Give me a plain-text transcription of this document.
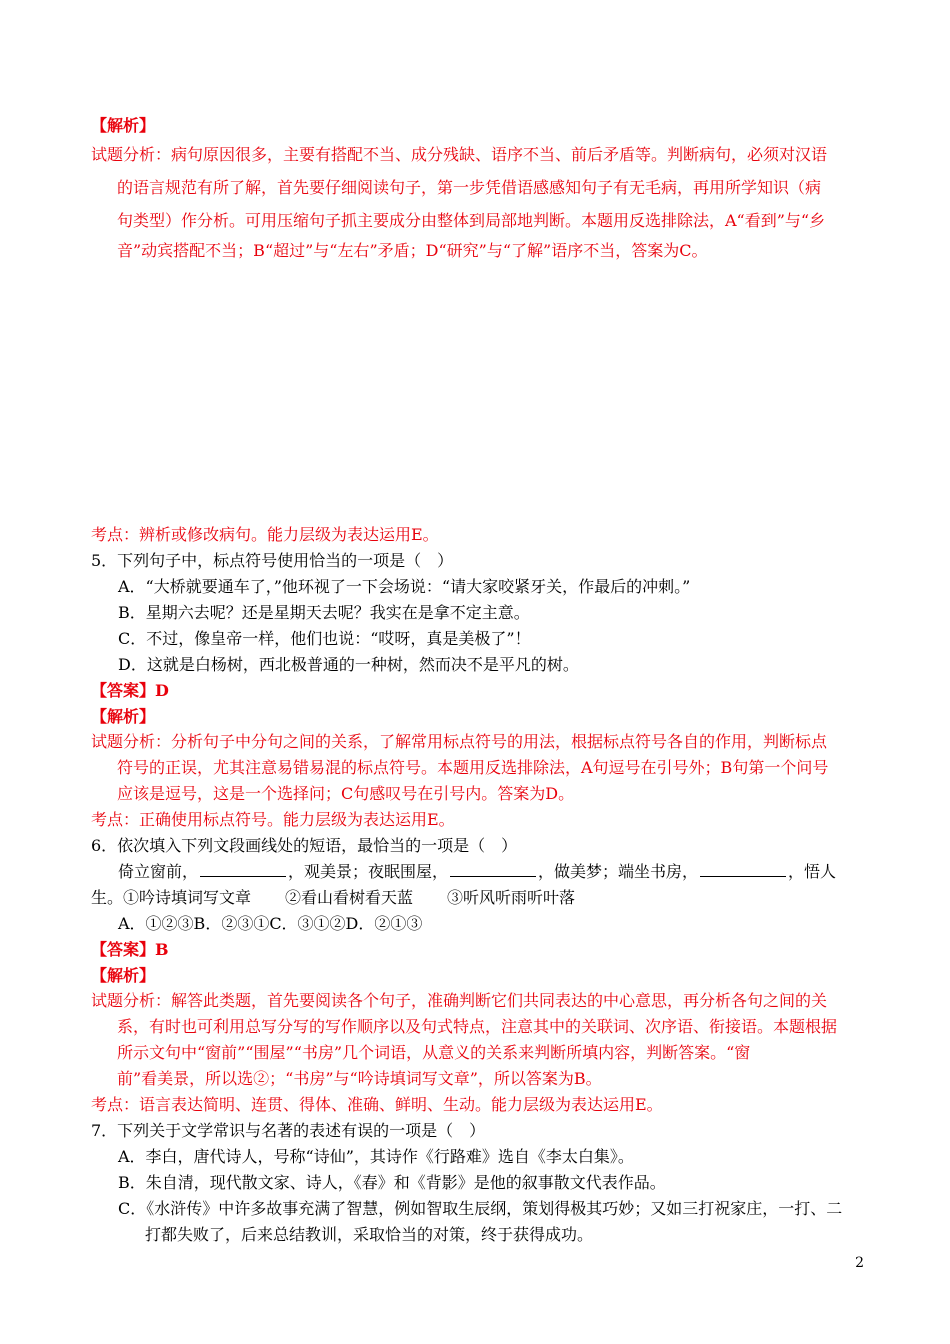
【解析】
试题分析：病句原因很多，主要有搭配不当、成分残缺、语序不当、前后矛盾等。判断病句，必须对汉语
的语言规范有所了解，首先要仔细阅读句子，第一步凭借语感感知句子有无毛病，再用所学知识（病
句类型）作分析。可用压缩句子抓主要成分由整体到局部地判断。本题用反选排除法，A“看到”与“乡
音”动宾搭配不当；B“超过”与“左右”矛盾；D“研究”与“了解”语序不当，答案为C。
考点：辨析或修改病句。能力层级为表达运用E。
5．下列句子中，标点符号使用恰当的一项是（　）
A．“大桥就要通车了，”他环视了一下会场说：“请大家咬紧牙关，作最后的冲刺。”
B．星期六去呢？还是星期天去呢？我实在是拿不定主意。
C．不过，像皇帝一样，他们也说：“哎呀，真是美极了”！
D．这就是白杨树，西北极普通的一种树，然而决不是平凡的树。
【答案】D
【解析】
试题分析：分析句子中分句之间的关系，了解常用标点符号的用法，根据标点符号各自的作用，判断标点
符号的正误，尤其注意易错易混的标点符号。本题用反选排除法，A句逗号在引号外；B句第一个问号
应该是逗号，这是一个选择问；C句感叹号在引号内。答案为D。
考点：正确使用标点符号。能力层级为表达运用E。
6．依次填入下列文段画线处的短语，最恰当的一项是（　）
倚立窗前，	，观美景；夜眠围屋，	，做美梦；端坐书房，	，悟人
生。①吟诗填词写文章 ②看山看树看天蓝 ③听风听雨听叶落
A．①②③B．②③①C．③①②D．②①③
【答案】B
【解析】
试题分析：解答此类题，首先要阅读各个句子，准确判断它们共同表达的中心意思，再分析各句之间的关
系，有时也可利用总写分写的写作顺序以及句式特点，注意其中的关联词、次序语、衔接语。本题根据
所示文句中“窗前”“围屋”“书房”几个词语，从意义的关系来判断所填内容，判断答案。“窗
前”看美景，所以选②；“书房”与“吟诗填词写文章”，所以答案为B。
考点：语言表达简明、连贯、得体、准确、鲜明、生动。能力层级为表达运用E。
7．下列关于文学常识与名著的表述有误的一项是（　）
A．李白，唐代诗人，号称“诗仙”，其诗作《行路难》选自《李太白集》。
B．朱自清，现代散文家、诗人，《春》和《背影》是他的叙事散文代表作品。
C．《水浒传》中许多故事充满了智慧，例如智取生辰纲，策划得极其巧妙；又如三打祝家庄，一打、二
打都失败了，后来总结教训，采取恰当的对策，终于获得成功。
2
